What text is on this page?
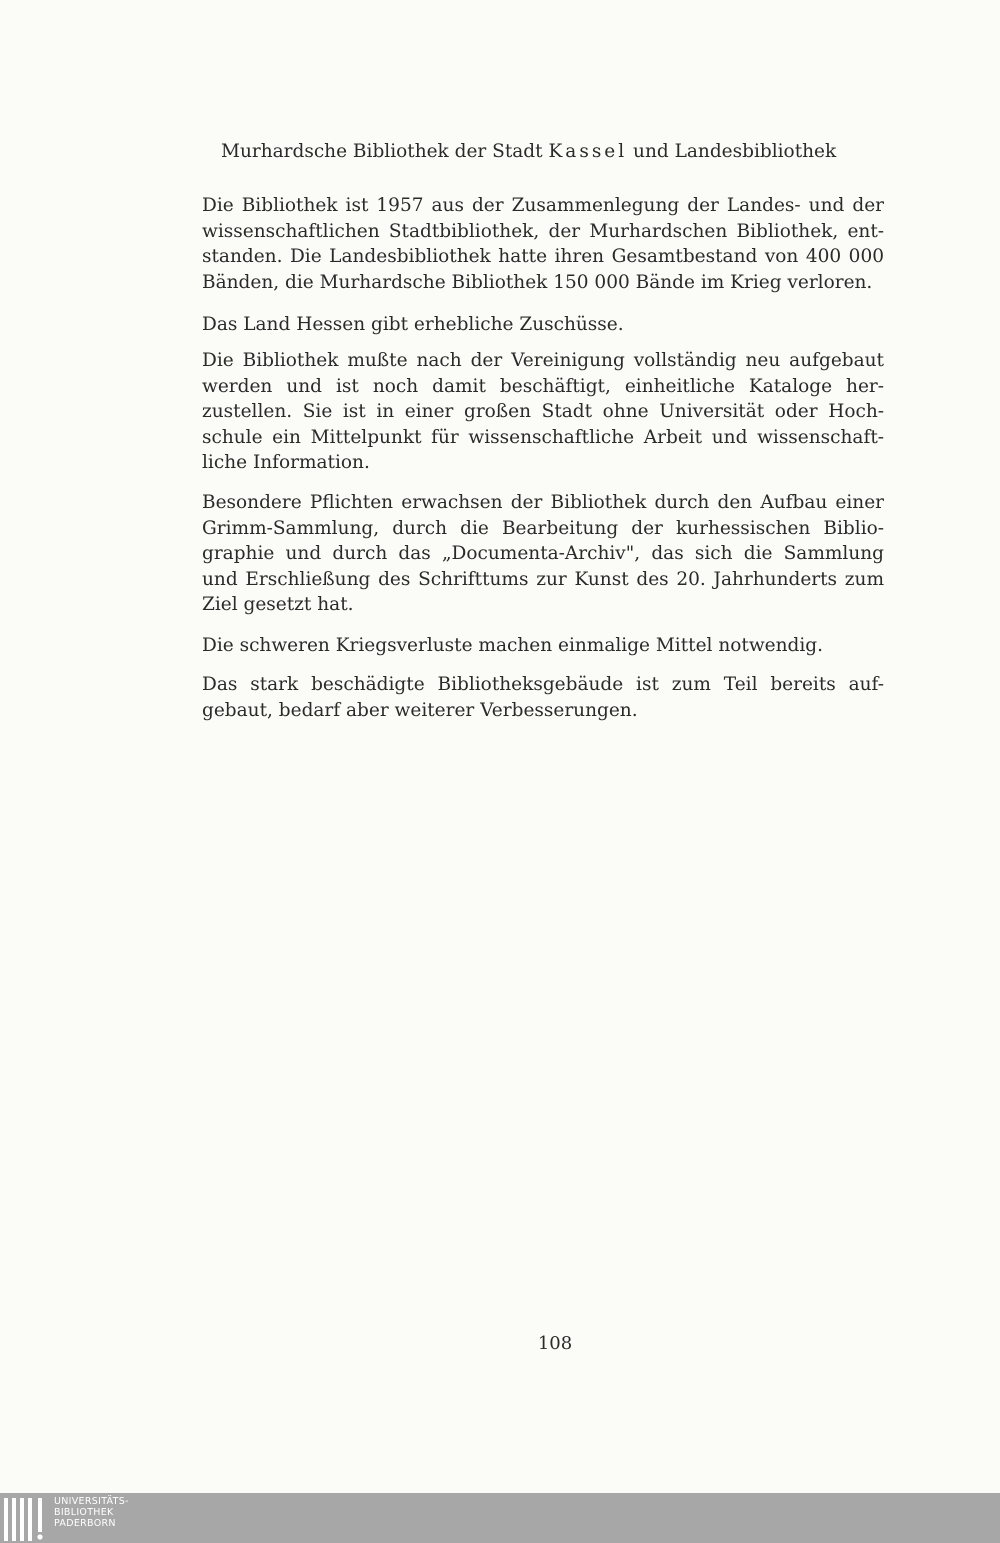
Murhardsche Bibliothek der Stadt Kassel und Landesbibliothek

Die Bibliothek ist 1957 aus der Zusammenlegung der Landes- und der
wissenschaftlichen Stadtbibliothek, der Murhardschen Bibliothek, ent-
standen. Die Landesbibliothek hatte ihren Gesamtbestand von 400 000
Bänden, die Murhardsche Bibliothek 150 000 Bände im Krieg verloren.

Das Land Hessen gibt erhebliche Zuschüsse.

Die Bibliothek mußte nach der Vereinigung vollständig neu aufgebaut
werden und ist noch damit beschäftigt, einheitliche Kataloge her-
zustellen. Sie ist in einer großen Stadt ohne Universität oder Hoch-
schule ein Mittelpunkt für wissenschaftliche Arbeit und wissenschaft-
liche Information.

Besondere Pflichten erwachsen der Bibliothek durch den Aufbau einer
Grimm-Sammlung, durch die Bearbeitung der kurhessischen Biblio-
graphie und durch das „Documenta-Archiv", das sich die Sammlung
und Erschließung des Schrifttums zur Kunst des 20. Jahrhunderts zum
Ziel gesetzt hat.

Die schweren Kriegsverluste machen einmalige Mittel notwendig.

Das stark beschädigte Bibliotheksgebäude ist zum Teil bereits auf-
gebaut, bedarf aber weiterer Verbesserungen.

108

UNIVERSITÄTS-
BIBLIOTHEK
PADERBORN
